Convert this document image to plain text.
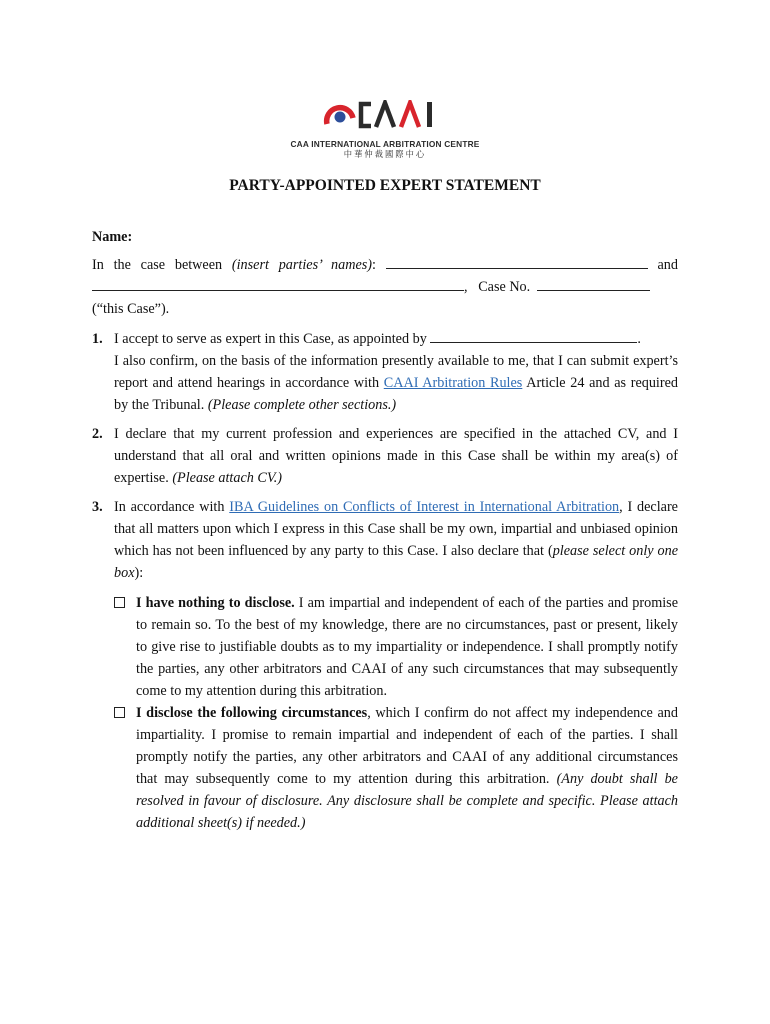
CAA INTERNATIONAL ARBITRATION CENTRE
中華仲裁國際中心
PARTY-APPOINTED EXPERT STATEMENT

Name:

In the case between (insert parties’ names):	and

,   Case No.

(“this Case”).

1. I accept to serve as expert in this Case, as appointed by	.
I also confirm, on the basis of the information presently available to me, that I can submit expert’s report and attend hearings in accordance with CAAI Arbitration Rules Article 24 and as required by the Tribunal. (Please complete other sections.)
2. I declare that my current profession and experiences are specified in the attached CV, and I understand that all oral and written opinions made in this Case shall be within my area(s) of expertise. (Please attach CV.)
3. In accordance with IBA Guidelines on Conflicts of Interest in International Arbitration, I declare that all matters upon which I express in this Case shall be my own, impartial and unbiased opinion which has not been influenced by any party to this Case. I also declare that (please select only one box):
I have nothing to disclose. I am impartial and independent of each of the parties and promise to remain so. To the best of my knowledge, there are no circumstances, past or present, likely to give rise to justifiable doubts as to my impartiality or independence. I shall promptly notify the parties, any other arbitrators and CAAI of any such circumstances that may subsequently come to my attention during this arbitration.
I disclose the following circumstances, which I confirm do not affect my independence and impartiality. I promise to remain impartial and independent of each of the parties. I shall promptly notify the parties, any other arbitrators and CAAI of any additional circumstances that may subsequently come to my attention during this arbitration. (Any doubt shall be resolved in favour of disclosure. Any disclosure shall be complete and specific. Please attach additional sheet(s) if needed.)
